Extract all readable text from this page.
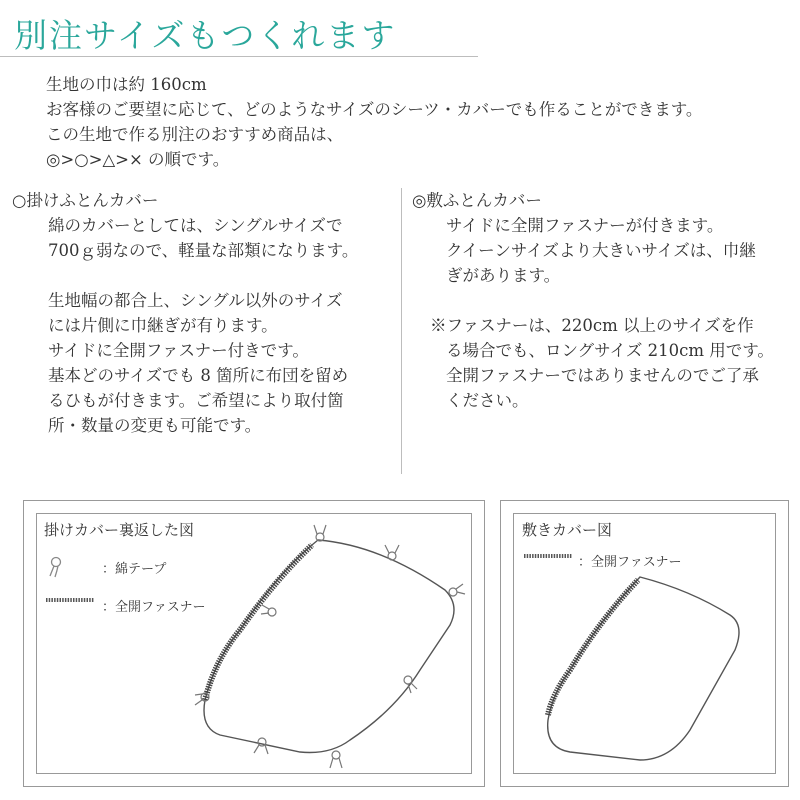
別注サイズもつくれます
生地の巾は約 160cm
お客様のご要望に応じて、どのようなサイズのシーツ・カバーでも作ることができます。
この生地で作る別注のおすすめ商品は、
◎>○>△>× の順です。
○掛けふとんカバー
綿のカバーとしては、シングルサイズで
700ｇ弱なので、軽量な部類になります。
生地幅の都合上、シングル以外のサイズ
には片側に巾継ぎが有ります。
サイドに全開ファスナー付きです。
基本どのサイズでも 8 箇所に布団を留め
るひもが付きます。ご希望により取付箇
所・数量の変更も可能です。
◎敷ふとんカバー
サイドに全開ファスナーが付きます。
クイーンサイズより大きいサイズは、巾継
ぎがあります。
※ファスナーは、220cm 以上のサイズを作
る場合でも、ロングサイズ 210cm 用です。
全開ファスナーではありませんのでご了承
ください。
掛けカバー裏返した図
：綿テープ
：全開ファスナー
敷きカバー図
：全開ファスナー
